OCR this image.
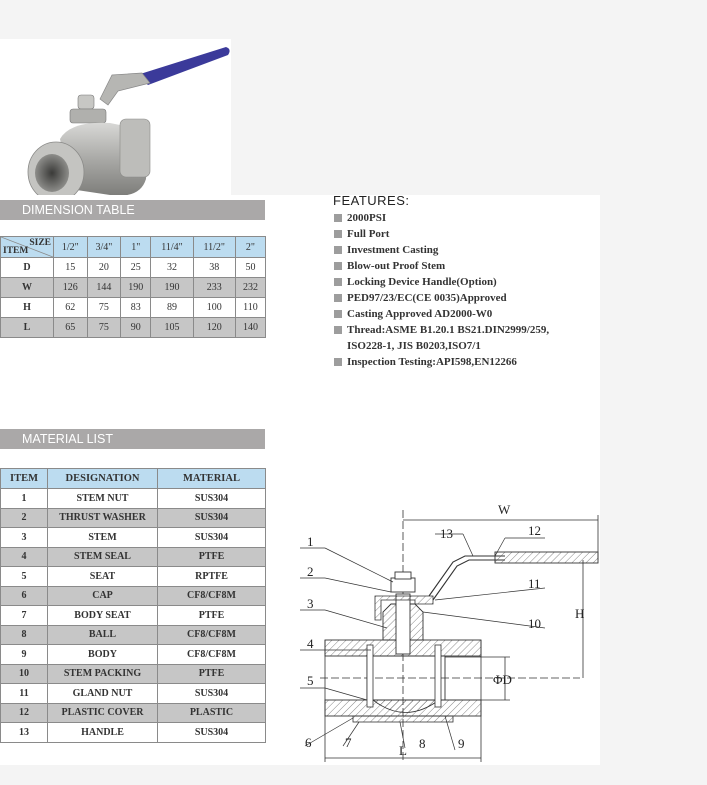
DIMENSION TABLE
SIZE
ITEM	1/2"	3/4"	1"	11/4"	11/2"	2"
D	15	20	25	32	38	50
W	126	144	190	190	233	232
H	62	75	83	89	100	110
L	65	75	90	105	120	140
FEATURES:
2000PSI
Full Port
Investment Casting
Blow-out Proof Stem
Locking Device Handle(Option)
PED97/23/EC(CE 0035)Approved
Casting Approved AD2000-W0
Thread:ASME B1.20.1 BS21.DIN2999/259,
ISO228-1, JIS B0203,ISO7/1
Inspection Testing:API598,EN12266
MATERIAL LIST
ITEM	DESIGNATION	MATERIAL
1	STEM NUT	SUS304
2	THRUST WASHER	SUS304
3	STEM	SUS304
4	STEM SEAL	PTFE
5	SEAT	RPTFE
6	CAP	CF8/CF8M
7	BODY SEAT	PTFE
8	BALL	CF8/CF8M
9	BODY	CF8/CF8M
10	STEM PACKING	PTFE
11	GLAND NUT	SUS304
12	PLASTIC COVER	PLASTIC
13	HANDLE	SUS304
1
2
3
4
5
6	7	8	9
10
11
12
13
W
H
L
ΦD
